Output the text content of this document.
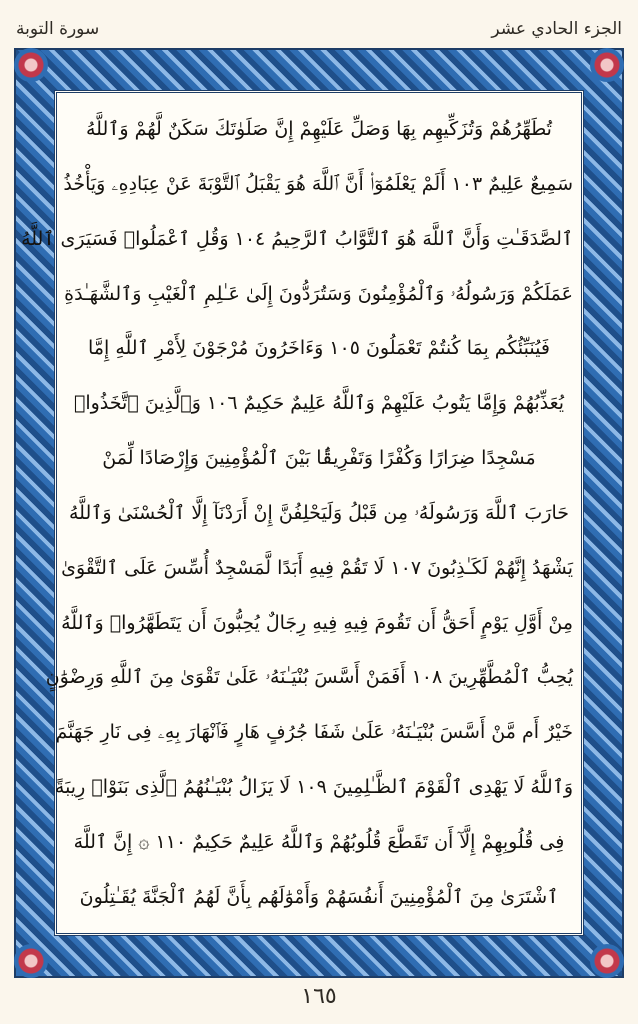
سورة التوبة	الجزء الحادي عشر
تُطَهِّرُهُمْ وَتُزَكِّيهِم بِهَا وَصَلِّ عَلَيْهِمْ إِنَّ صَلَوٰتَكَ سَكَنٌ لَّهُمْ وَٱللَّهُ
سَمِيعٌ عَلِيمٌ ١٠٣ أَلَمْ يَعْلَمُوٓا۟ أَنَّ ٱللَّهَ هُوَ يَقْبَلُ ٱلتَّوْبَةَ عَنْ عِبَادِهِۦ وَيَأْخُذُ
ٱلصَّدَقَـٰتِ وَأَنَّ ٱللَّهَ هُوَ ٱلتَّوَّابُ ٱلرَّحِيمُ ١٠٤ وَقُلِ ٱعْمَلُوا۟ فَسَيَرَى ٱللَّهُ
عَمَلَكُمْ وَرَسُولُهُۥ وَٱلْمُؤْمِنُونَ وَسَتُرَدُّونَ إِلَىٰ عَـٰلِمِ ٱلْغَيْبِ وَٱلشَّهَـٰدَةِ
فَيُنَبِّئُكُم بِمَا كُنتُمْ تَعْمَلُونَ ١٠٥ وَءَاخَرُونَ مُرْجَوْنَ لِأَمْرِ ٱللَّهِ إِمَّا
يُعَذِّبُهُمْ وَإِمَّا يَتُوبُ عَلَيْهِمْ وَٱللَّهُ عَلِيمٌ حَكِيمٌ ١٠٦ وَٱلَّذِينَ ٱتَّخَذُوا۟
مَسْجِدًا ضِرَارًا وَكُفْرًا وَتَفْرِيقًۢا بَيْنَ ٱلْمُؤْمِنِينَ وَإِرْصَادًا لِّمَنْ
حَارَبَ ٱللَّهَ وَرَسُولَهُۥ مِن قَبْلُ وَلَيَحْلِفُنَّ إِنْ أَرَدْنَآ إِلَّا ٱلْحُسْنَىٰ وَٱللَّهُ
يَشْهَدُ إِنَّهُمْ لَكَـٰذِبُونَ ١٠٧ لَا تَقُمْ فِيهِ أَبَدًا لَّمَسْجِدٌ أُسِّسَ عَلَى ٱلتَّقْوَىٰ
مِنْ أَوَّلِ يَوْمٍ أَحَقُّ أَن تَقُومَ فِيهِ فِيهِ رِجَالٌ يُحِبُّونَ أَن يَتَطَهَّرُوا۟ وَٱللَّهُ
يُحِبُّ ٱلْمُطَّهِّرِينَ ١٠٨ أَفَمَنْ أَسَّسَ بُنْيَـٰنَهُۥ عَلَىٰ تَقْوَىٰ مِنَ ٱللَّهِ وَرِضْوَٰنٍ
خَيْرٌ أَم مَّنْ أَسَّسَ بُنْيَـٰنَهُۥ عَلَىٰ شَفَا جُرُفٍ هَارٍ فَٱنْهَارَ بِهِۦ فِى نَارِ جَهَنَّمَ
وَٱللَّهُ لَا يَهْدِى ٱلْقَوْمَ ٱلظَّـٰلِمِينَ ١٠٩ لَا يَزَالُ بُنْيَـٰنُهُمُ ٱلَّذِى بَنَوْا۟ رِيبَةً
فِى قُلُوبِهِمْ إِلَّآ أَن تَقَطَّعَ قُلُوبُهُمْ وَٱللَّهُ عَلِيمٌ حَكِيمٌ ١١٠ ۞ إِنَّ ٱللَّهَ
ٱشْتَرَىٰ مِنَ ٱلْمُؤْمِنِينَ أَنفُسَهُمْ وَأَمْوَٰلَهُم بِأَنَّ لَهُمُ ٱلْجَنَّةَ يُقَـٰتِلُونَ
١٦٥
